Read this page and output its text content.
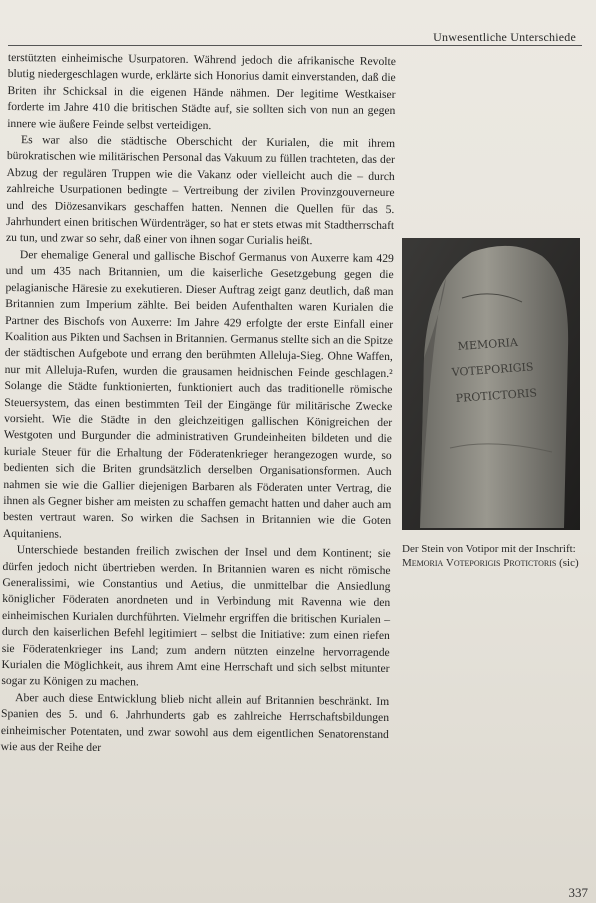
Unwesentliche Unterschiede

terstützten einheimische Usurpatoren. Während jedoch die afrikanische Revolte blutig niedergeschlagen wurde, erklärte sich Honorius damit einverstanden, daß die Briten ihr Schicksal in die eigenen Hände nähmen. Der legitime Westkaiser forderte im Jahre 410 die britischen Städte auf, sie sollten sich von nun an gegen innere wie äußere Feinde selbst verteidigen.

Es war also die städtische Oberschicht der Kurialen, die mit ihrem bürokratischen wie militärischen Personal das Vakuum zu füllen trachteten, das der Abzug der regulären Truppen wie die Vakanz oder vielleicht auch die – durch zahlreiche Usurpationen bedingte – Vertreibung der zivilen Provinzgouverneure und des Diözesanvikars geschaffen hatten. Nennen die Quellen für das 5. Jahrhundert einen britischen Würdenträger, so hat er stets etwas mit Stadtherrschaft zu tun, und zwar so sehr, daß einer von ihnen sogar Curialis heißt.

Der ehemalige General und gallische Bischof Germanus von Auxerre kam 429 und um 435 nach Britannien, um die kaiserliche Gesetzgebung gegen die pelagianische Häresie zu exekutieren. Dieser Auftrag zeigt ganz deutlich, daß man Britannien zum Imperium zählte. Bei beiden Aufenthalten waren Kurialen die Partner des Bischofs von Auxerre: Im Jahre 429 erfolgte der erste Einfall einer Koalition aus Pikten und Sachsen in Britannien. Germanus stellte sich an die Spitze der städtischen Aufgebote und errang den berühmten Alleluja-Sieg. Ohne Waffen, nur mit Alleluja-Rufen, wurden die grausamen heidnischen Feinde geschlagen.² Solange die Städte funktionierten, funktioniert auch das traditionelle römische Steuersystem, das einen bestimmten Teil der Eingänge für militärische Zwecke vorsieht. Wie die Städte in den gleichzeitigen gallischen Königreichen der Westgoten und Burgunder die administrativen Grundeinheiten bildeten und die kuriale Steuer für die Erhaltung der Föderatenkrieger herangezogen wurde, so bedienten sich die Briten grundsätzlich derselben Organisationsformen. Auch nahmen sie wie die Gallier diejenigen Barbaren als Föderaten unter Vertrag, die ihnen als Gegner bisher am meisten zu schaffen gemacht hatten und daher auch am besten vertraut waren. So wirken die Sachsen in Britannien wie die Goten Aquitaniens.

Unterschiede bestanden freilich zwischen der Insel und dem Kontinent; sie dürfen jedoch nicht übertrieben werden. In Britannien waren es nicht römische Generalissimi, wie Constantius und Aetius, die unmittelbar die Ansiedlung königlicher Föderaten anordneten und in Verbindung mit Ravenna wie den einheimischen Kurialen durchführten. Vielmehr ergriffen die britischen Kurialen – durch den kaiserlichen Befehl legitimiert – selbst die Initiative: zum einen riefen sie Föderatenkrieger ins Land; zum andern nützten einzelne hervorragende Kurialen die Möglichkeit, aus ihrem Amt eine Herrschaft und sich selbst mitunter sogar zu Königen zu machen.

Aber auch diese Entwicklung blieb nicht allein auf Britannien beschränkt. Im Spanien des 5. und 6. Jahrhunderts gab es zahlreiche Herrschaftsbildungen einheimischer Potentaten, und zwar sowohl aus dem eigentlichen Senatorenstand wie aus der Reihe der

MEMORIA
VOTEPORIGIS
PROTICTORIS
Der Stein von Votipor mit der Inschrift: Memoria Voteporigis Protictoris (sic)
337
